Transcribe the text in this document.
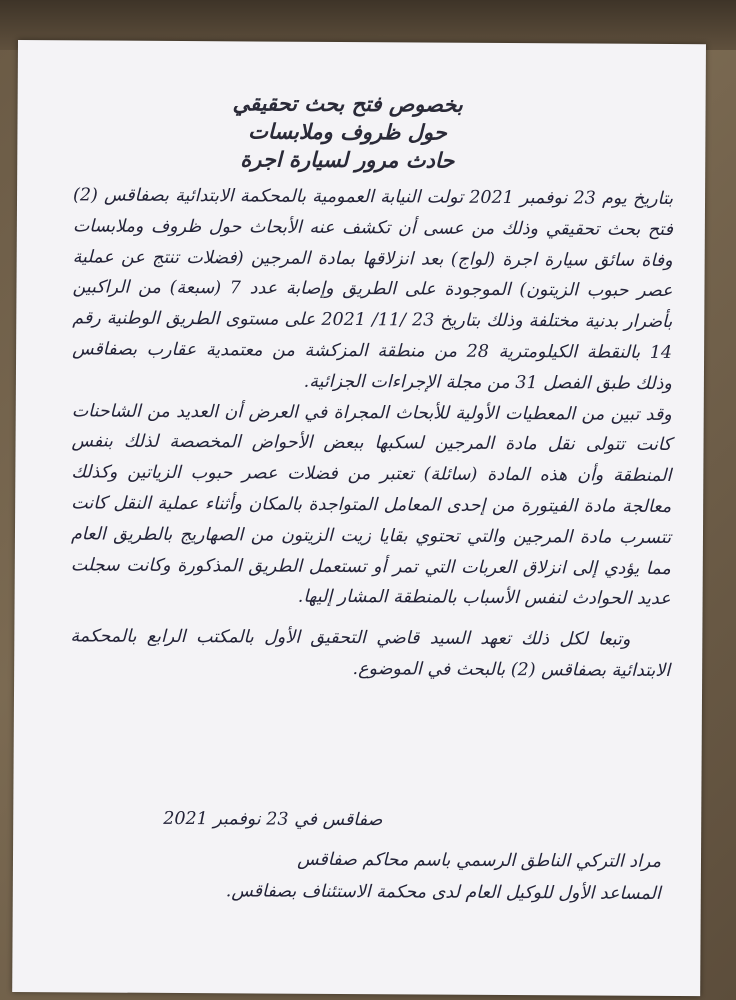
بخصوص فتح بحث تحقيقي
حول ظروف وملابسات
حادث مرور لسيارة اجرة

بتاريخ يوم 23 نوفمبر 2021 تولت النيابة العمومية بالمحكمة الابتدائية بصفاقس (2) فتح بحث تحقيقي وذلك من عسى أن تكشف عنه الأبحاث حول ظروف وملابسات وفاة سائق سيارة اجرة (لواج) بعد انزلاقها بمادة المرجين (فضلات تنتج عن عملية عصر حبوب الزيتون) الموجودة على الطريق وإصابة عدد 7 (سبعة) من الراكبين بأضرار بدنية مختلفة وذلك بتاريخ 23 /11/ 2021 على مستوى الطريق الوطنية رقم 14 بالنقطة الكيلومترية 28 من منطقة المزكشة من معتمدية عقارب بصفاقس وذلك طبق الفصل 31 من مجلة الإجراءات الجزائية.

وقد تبين من المعطيات الأولية للأبحاث المجراة في العرض أن العديد من الشاحنات كانت تتولى نقل مادة المرجين لسكبها ببعض الأحواض المخصصة لذلك بنفس المنطقة وأن هذه المادة (سائلة) تعتبر من فضلات عصر حبوب الزياتين وكذلك معالجة مادة الفيتورة من إحدى المعامل المتواجدة بالمكان وأثناء عملية النقل كانت تتسرب مادة المرجين والتي تحتوي بقايا زيت الزيتون من الصهاريج بالطريق العام مما يؤدي إلى انزلاق العربات التي تمر أو تستعمل الطريق المذكورة وكانت سجلت عديد الحوادث لنفس الأسباب بالمنطقة المشار إليها.

وتبعا لكل ذلك تعهد السيد قاضي التحقيق الأول بالمكتب الرابع بالمحكمة الابتدائية بصفاقس (2) بالبحث في الموضوع.

صفاقس في 23 نوفمبر 2021
مراد التركي الناطق الرسمي باسم محاكم صفاقس
المساعد الأول للوكيل العام لدى محكمة الاستئناف بصفاقس.
